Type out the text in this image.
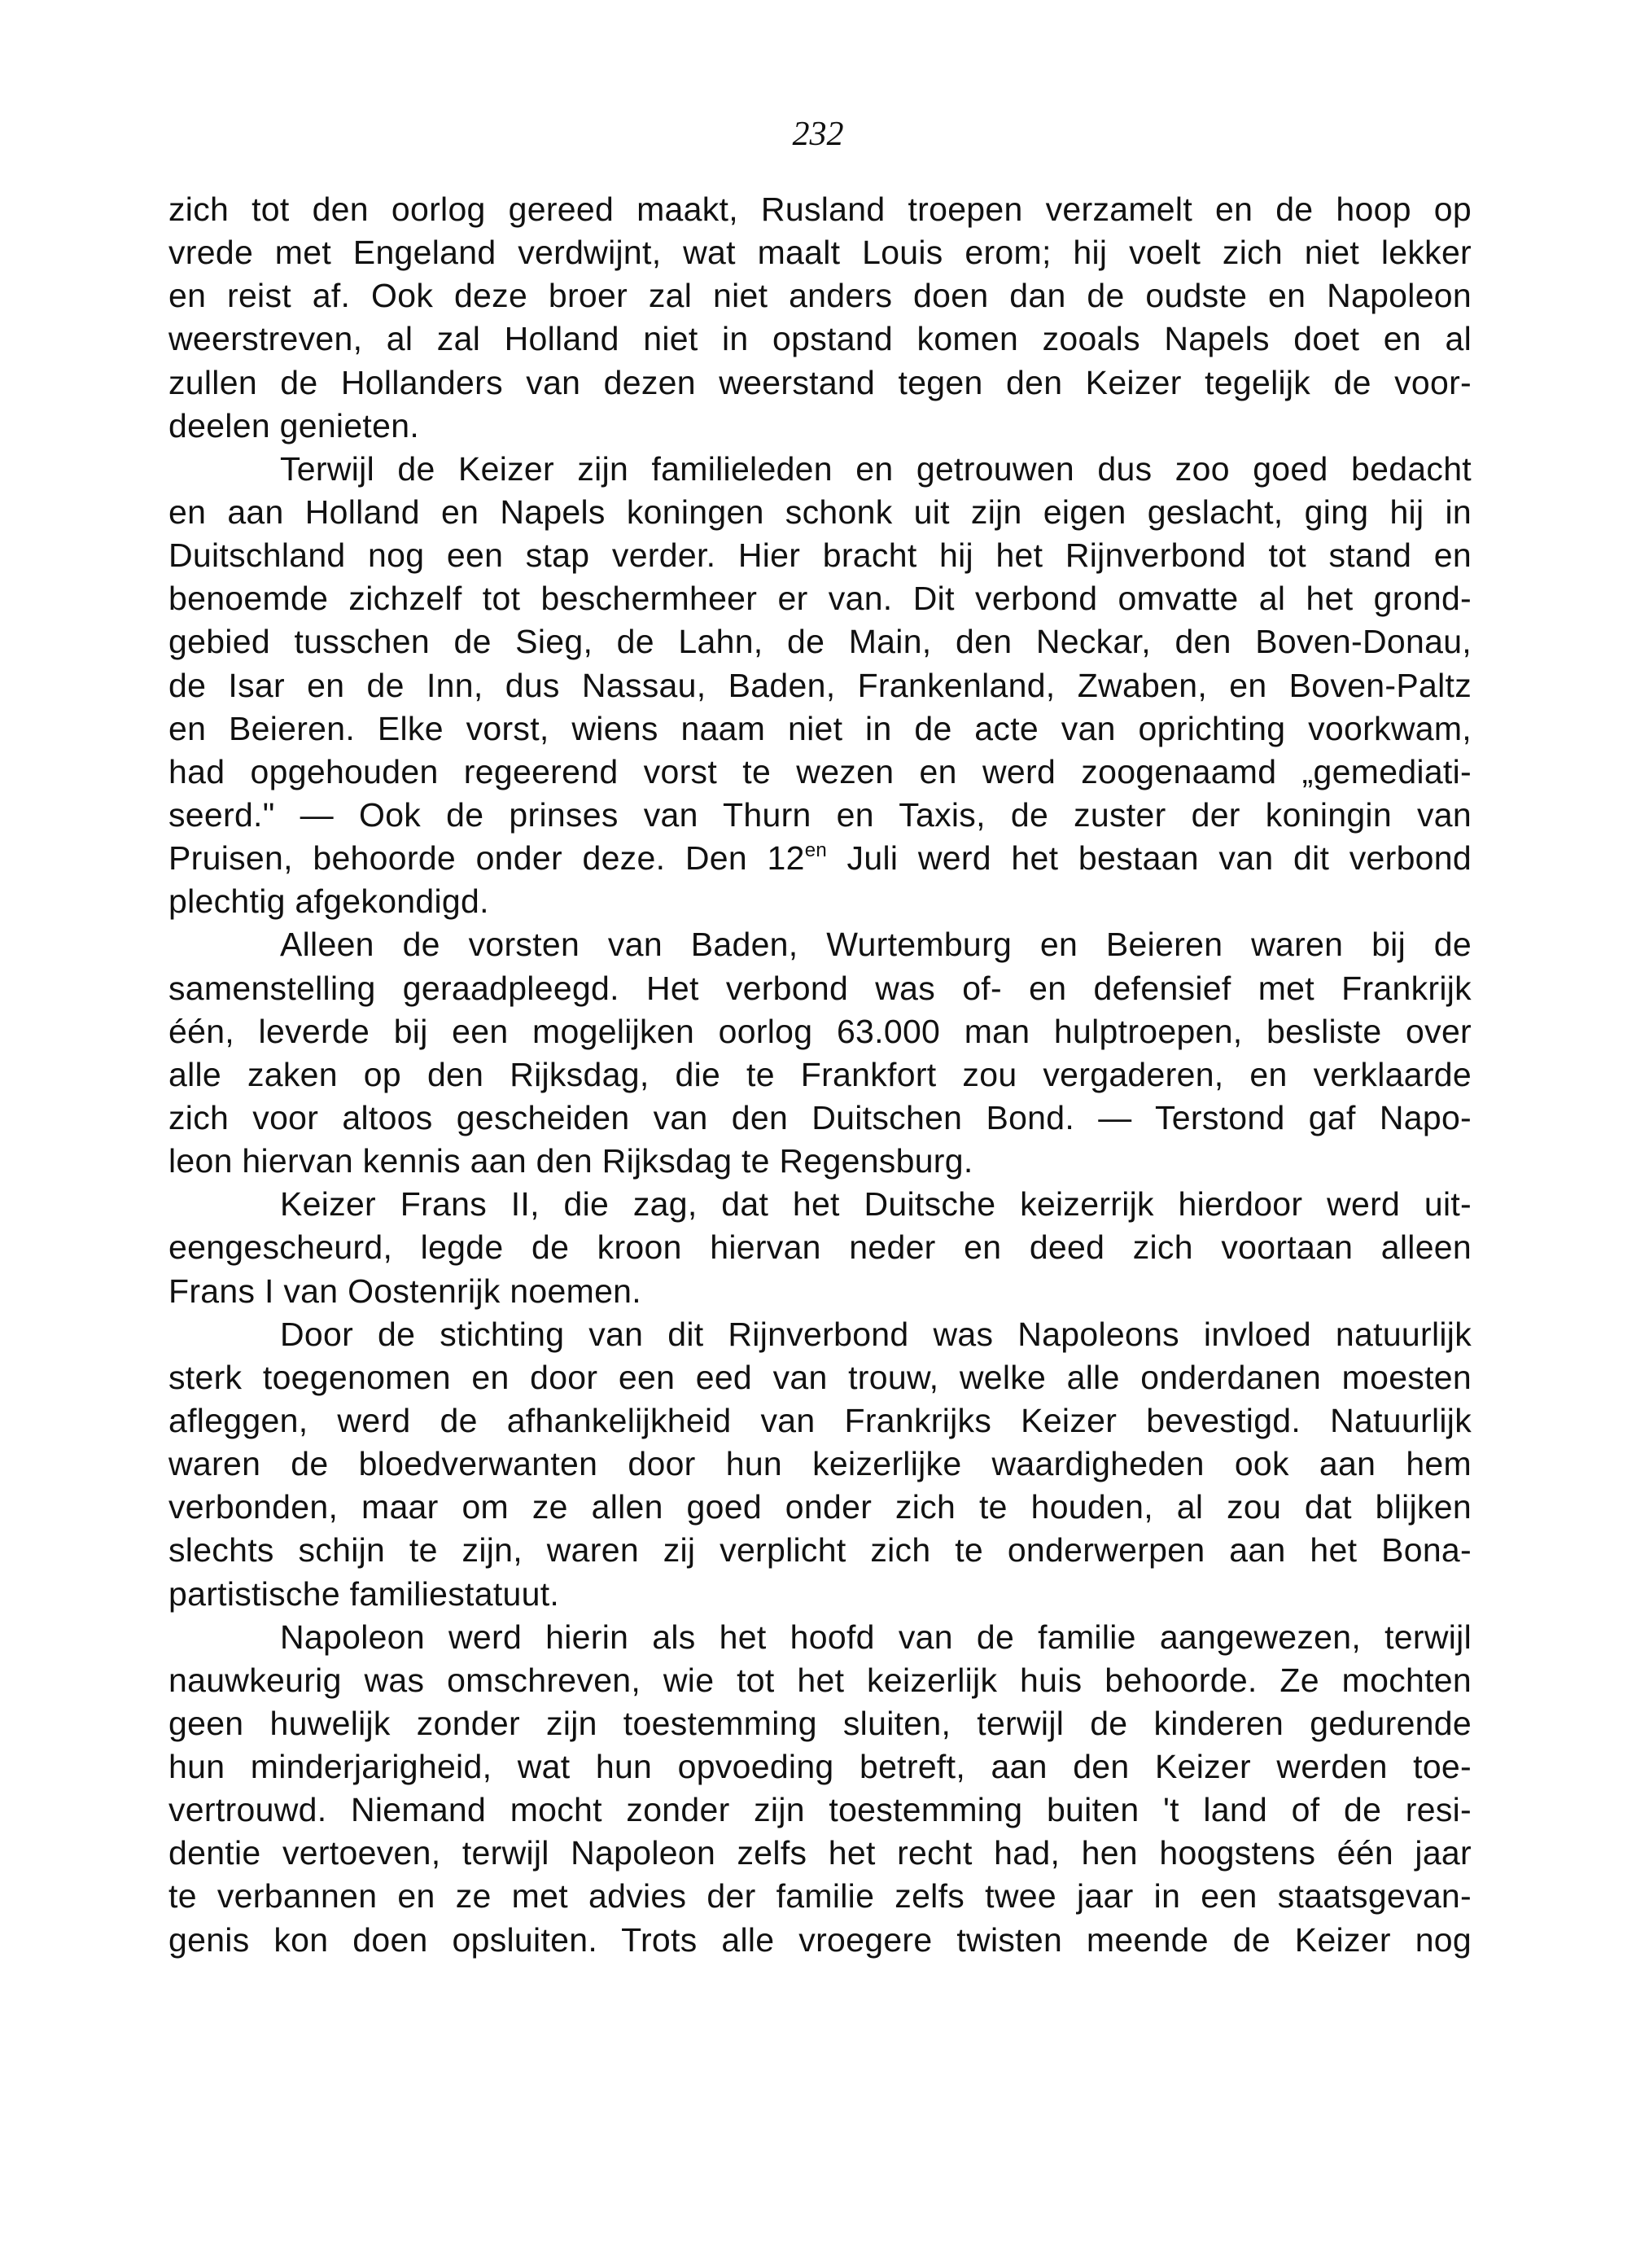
232
zich tot den oorlog gereed maakt, Rusland troepen verzamelt en de hoop op
vrede met Engeland verdwijnt, wat maalt Louis erom; hij voelt zich niet lekker
en reist af. Ook deze broer zal niet anders doen dan de oudste en Napoleon
weerstreven, al zal Holland niet in opstand komen zooals Napels doet en al
zullen de Hollanders van dezen weerstand tegen den Keizer tegelijk de voor-
deelen genieten.
Terwijl de Keizer zijn familieleden en getrouwen dus zoo goed bedacht
en aan Holland en Napels koningen schonk uit zijn eigen geslacht, ging hij in
Duitschland nog een stap verder. Hier bracht hij het Rijnverbond tot stand en
benoemde zichzelf tot beschermheer er van. Dit verbond omvatte al het grond-
gebied tusschen de Sieg, de Lahn, de Main, den Neckar, den Boven-Donau,
de Isar en de Inn, dus Nassau, Baden, Frankenland, Zwaben, en Boven-Paltz
en Beieren. Elke vorst, wiens naam niet in de acte van oprichting voorkwam,
had opgehouden regeerend vorst te wezen en werd zoogenaamd „gemediati-
seerd." — Ook de prinses van Thurn en Taxis, de zuster der koningin van
Pruisen, behoorde onder deze. Den $12^{en}$ Juli werd het bestaan van dit verbond
plechtig afgekondigd.
Alleen de vorsten van Baden, Wurtemburg en Beieren waren bij de
samenstelling geraadpleegd. Het verbond was of- en defensief met Frankrijk
één, leverde bij een mogelijken oorlog 63.000 man hulptroepen, besliste over
alle zaken op den Rijksdag, die te Frankfort zou vergaderen, en verklaarde
zich voor altoos gescheiden van den Duitschen Bond. — Terstond gaf Napo-
leon hiervan kennis aan den Rijksdag te Regensburg.
Keizer Frans II, die zag, dat het Duitsche keizerrijk hierdoor werd uit-
eengescheurd, legde de kroon hiervan neder en deed zich voortaan alleen
Frans I van Oostenrijk noemen.
Door de stichting van dit Rijnverbond was Napoleons invloed natuurlijk
sterk toegenomen en door een eed van trouw, welke alle onderdanen moesten
afleggen, werd de afhankelijkheid van Frankrijks Keizer bevestigd. Natuurlijk
waren de bloedverwanten door hun keizerlijke waardigheden ook aan hem
verbonden, maar om ze allen goed onder zich te houden, al zou dat blijken
slechts schijn te zijn, waren zij verplicht zich te onderwerpen aan het Bona-
partistische familiestatuut.
Napoleon werd hierin als het hoofd van de familie aangewezen, terwijl
nauwkeurig was omschreven, wie tot het keizerlijk huis behoorde. Ze mochten
geen huwelijk zonder zijn toestemming sluiten, terwijl de kinderen gedurende
hun minderjarigheid, wat hun opvoeding betreft, aan den Keizer werden toe-
vertrouwd. Niemand mocht zonder zijn toestemming buiten 't land of de resi-
dentie vertoeven, terwijl Napoleon zelfs het recht had, hen hoogstens één jaar
te verbannen en ze met advies der familie zelfs twee jaar in een staatsgevan-
genis kon doen opsluiten. Trots alle vroegere twisten meende de Keizer nog
